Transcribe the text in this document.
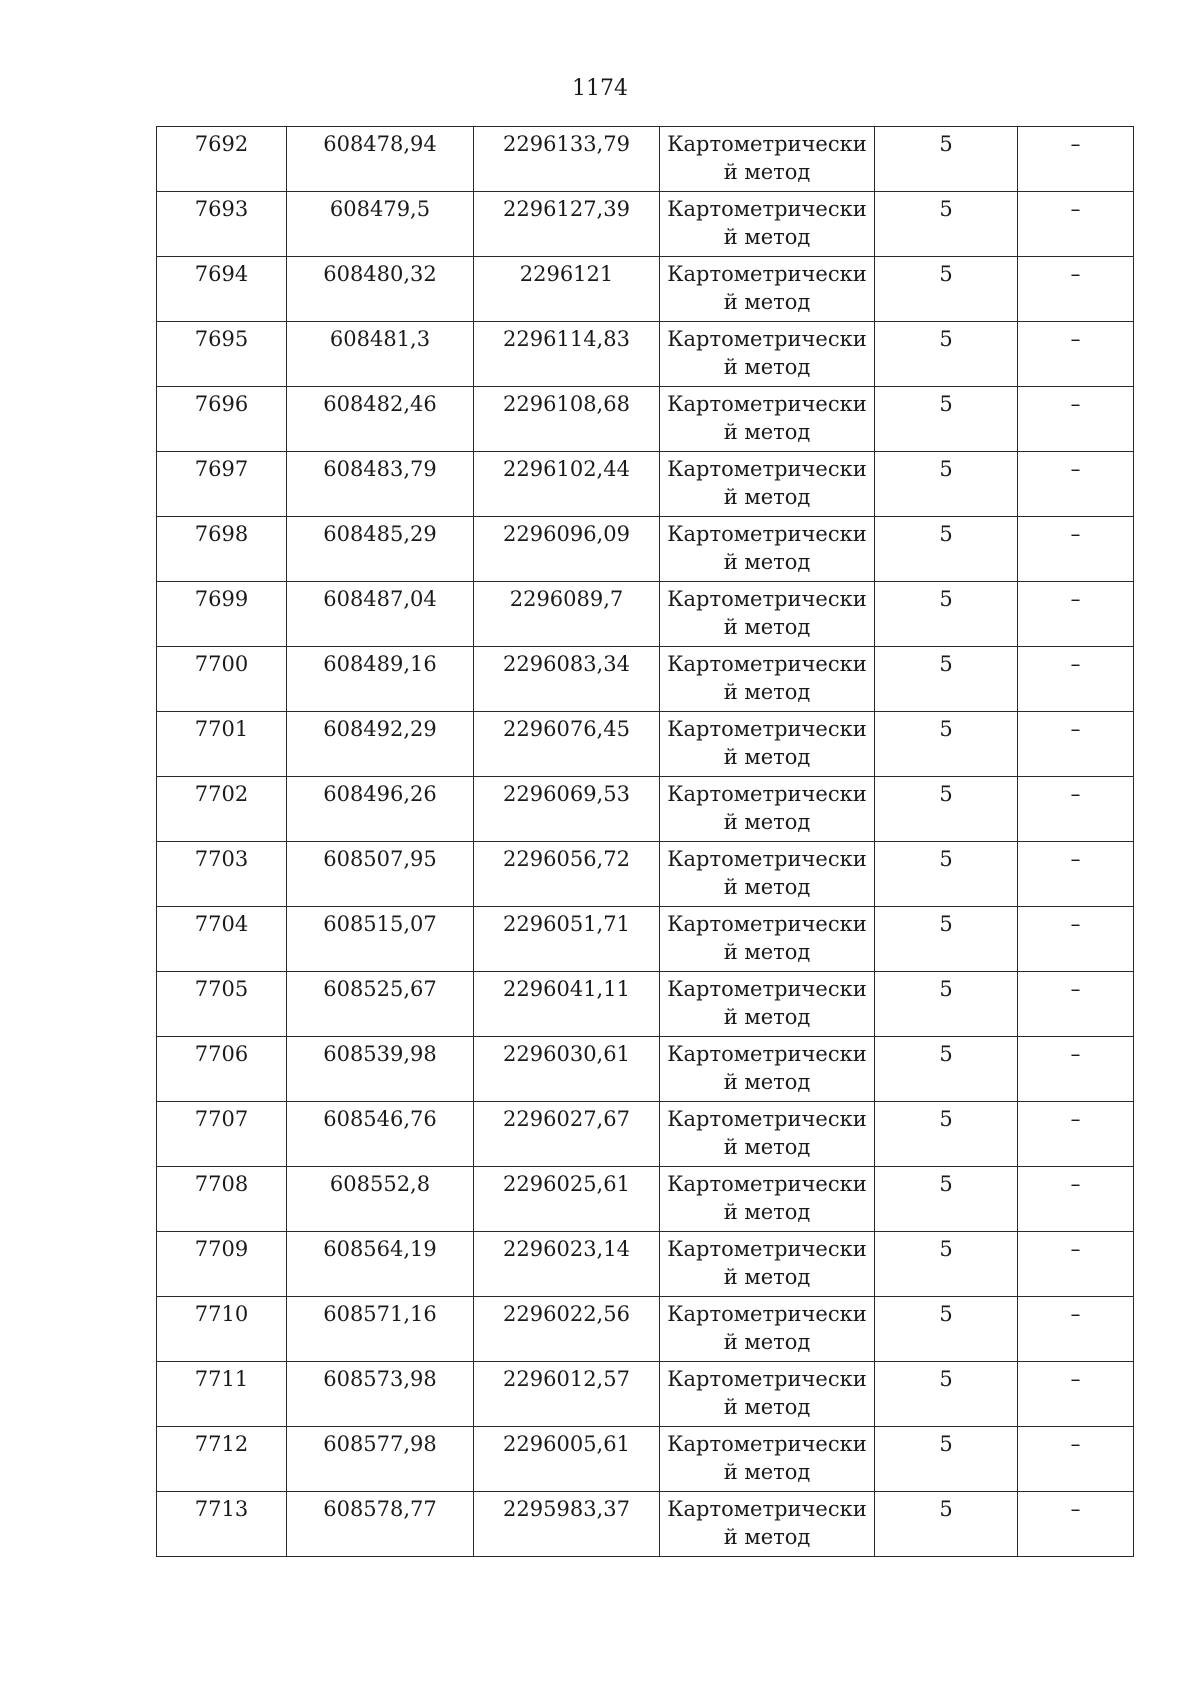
1174
7692	608478,94	2296133,79	Картометрически й метод	5	–
7693	608479,5	2296127,39	Картометрически й метод	5	–
7694	608480,32	2296121	Картометрически й метод	5	–
7695	608481,3	2296114,83	Картометрически й метод	5	–
7696	608482,46	2296108,68	Картометрически й метод	5	–
7697	608483,79	2296102,44	Картометрически й метод	5	–
7698	608485,29	2296096,09	Картометрически й метод	5	–
7699	608487,04	2296089,7	Картометрически й метод	5	–
7700	608489,16	2296083,34	Картометрически й метод	5	–
7701	608492,29	2296076,45	Картометрически й метод	5	–
7702	608496,26	2296069,53	Картометрически й метод	5	–
7703	608507,95	2296056,72	Картометрически й метод	5	–
7704	608515,07	2296051,71	Картометрически й метод	5	–
7705	608525,67	2296041,11	Картометрически й метод	5	–
7706	608539,98	2296030,61	Картометрически й метод	5	–
7707	608546,76	2296027,67	Картометрически й метод	5	–
7708	608552,8	2296025,61	Картометрически й метод	5	–
7709	608564,19	2296023,14	Картометрически й метод	5	–
7710	608571,16	2296022,56	Картометрически й метод	5	–
7711	608573,98	2296012,57	Картометрически й метод	5	–
7712	608577,98	2296005,61	Картометрически й метод	5	–
7713	608578,77	2295983,37	Картометрически й метод	5	–
